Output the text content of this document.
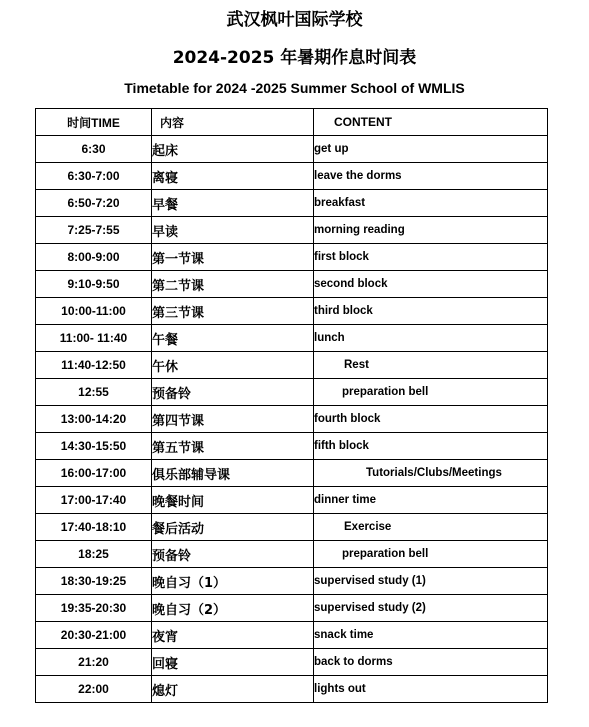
武汉枫叶国际学校
2024-2025 年暑期作息时间表
Timetable for 2024 -2025 Summer School of WMLIS
时间TIME	内容	CONTENT
6:30	起床	get up
6:30-7:00	离寝	leave the dorms
6:50-7:20	早餐	breakfast
7:25-7:55	早读	morning reading
8:00-9:00	第一节课	first block
9:10-9:50	第二节课	second block
10:00-11:00	第三节课	third block
11:00- 11:40	午餐	lunch
11:40-12:50	午休	Rest
12:55	预备铃	preparation bell
13:00-14:20	第四节课	fourth block
14:30-15:50	第五节课	fifth block
16:00-17:00	俱乐部辅导课	Tutorials/Clubs/Meetings
17:00-17:40	晚餐时间	dinner time
17:40-18:10	餐后活动	Exercise
18:25	预备铃	preparation bell
18:30-19:25	晚自习（1）	supervised study (1)
19:35-20:30	晚自习（2）	supervised study (2)
20:30-21:00	夜宵	snack time
21:20	回寝	back to dorms
22:00	熄灯	lights out
